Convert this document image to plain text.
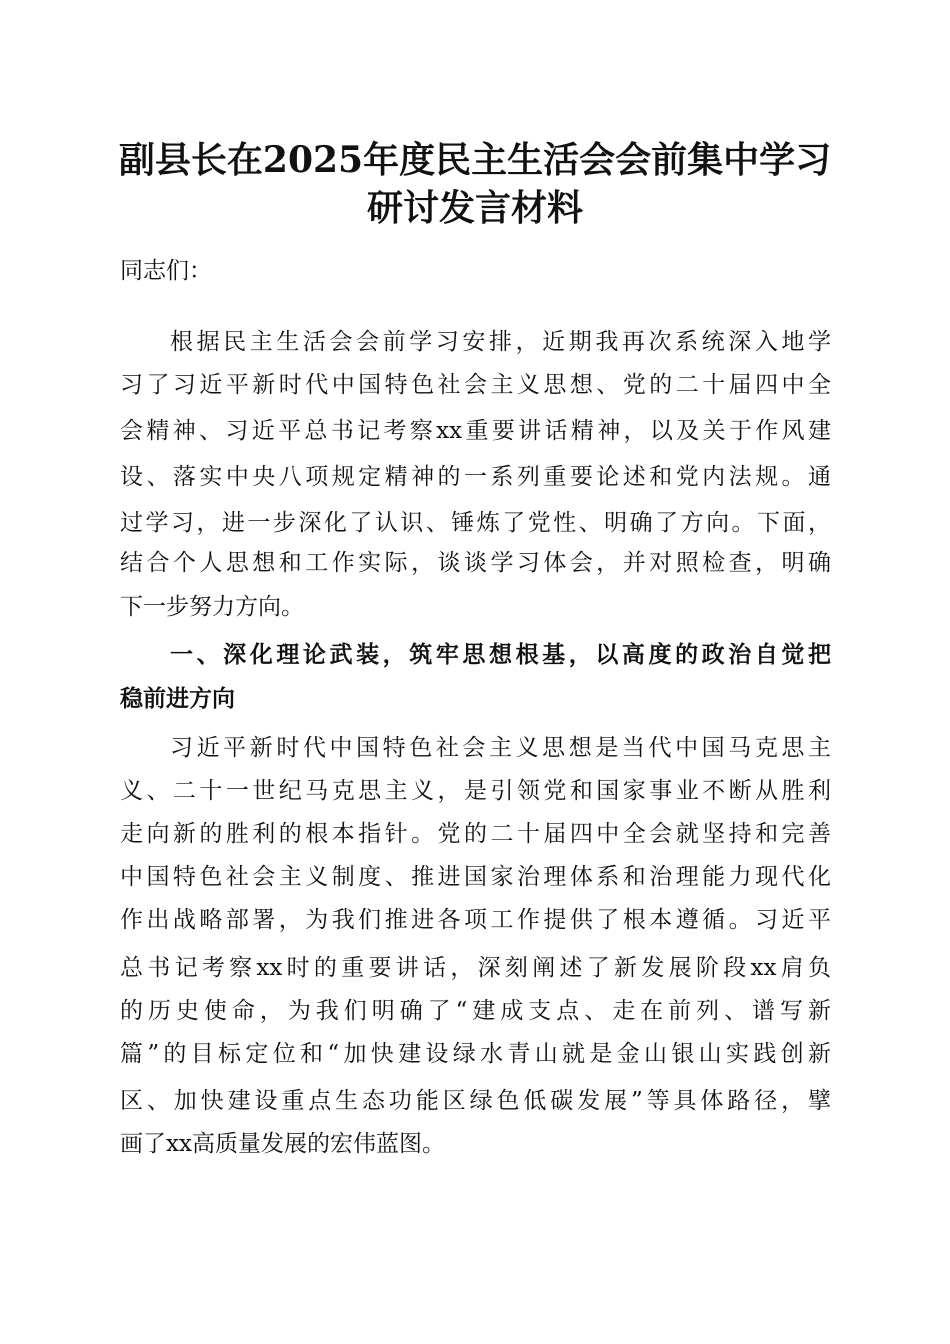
副县长在2025年度民主生活会会前集中学习
研讨发言材料
同志们：
根据民主生活会会前学习安排，近期我再次系统深入地学
习了习近平新时代中国特色社会主义思想、党的二十届四中全
会精神、习近平总书记考察xx重要讲话精神，以及关于作风建
设、落实中央八项规定精神的一系列重要论述和党内法规。通
过学习，进一步深化了认识、锤炼了党性、明确了方向。下面，
结合个人思想和工作实际，谈谈学习体会，并对照检查，明确
下一步努力方向。
一、深化理论武装，筑牢思想根基，以高度的政治自觉把
稳前进方向
习近平新时代中国特色社会主义思想是当代中国马克思主
义、二十一世纪马克思主义，是引领党和国家事业不断从胜利
走向新的胜利的根本指针。党的二十届四中全会就坚持和完善
中国特色社会主义制度、推进国家治理体系和治理能力现代化
作出战略部署，为我们推进各项工作提供了根本遵循。习近平
总书记考察xx时的重要讲话，深刻阐述了新发展阶段xx肩负
的历史使命，为我们明确了“建成支点、走在前列、谱写新
篇”的目标定位和“加快建设绿水青山就是金山银山实践创新
区、加快建设重点生态功能区绿色低碳发展”等具体路径，擘
画了xx高质量发展的宏伟蓝图。
